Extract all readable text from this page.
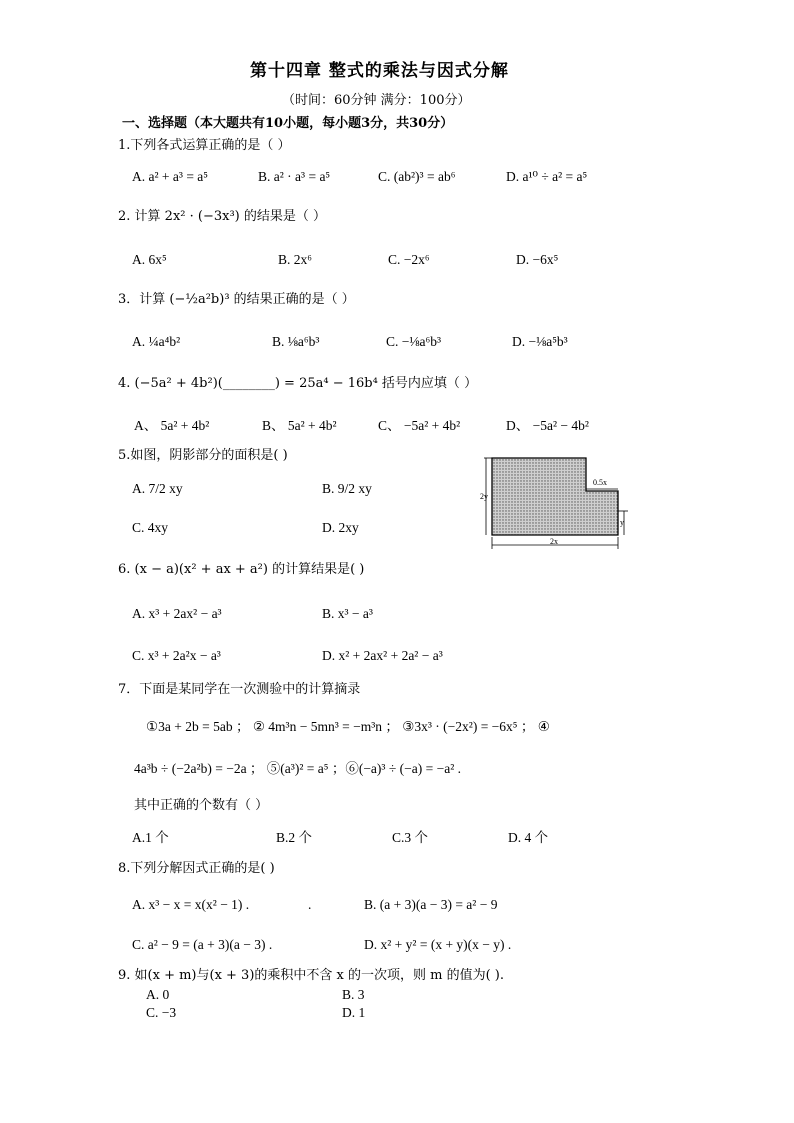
第十四章 整式的乘法与因式分解
（时间：60分钟 满分：100分）
一、选择题（本大题共有10小题，每小题3分，共30分）
1.下列各式运算正确的是（ ）
A. a² + a³ = a⁵	B. a² · a³ = a⁵	C. (ab²)³ = ab⁶	D. a¹⁰ ÷ a² = a⁵
2. 计算 2x² · (−3x³) 的结果是（ ）
A. 6x⁵	B. 2x⁶	C. −2x⁶	D. −6x⁵
3．计算 (−½a²b)³ 的结果正确的是（ ）
A. ¼a⁴b²	B. ⅛a⁶b³	C. −⅛a⁶b³	D. −⅛a⁵b³
4. (−5a² + 4b²)(________) = 25a⁴ − 16b⁴ 括号内应填（ ）
A、 5a² + 4b²	B、 5a² + 4b²	C、 −5a² + 4b²	D、 −5a² − 4b²
5.如图，阴影部分的面积是( )
A. 7/2 xy	B. 9/2 xy
C. 4xy	D. 2xy
2y
0.5x
y
2x
6. (x − a)(x² + ax + a²) 的计算结果是( )
A. x³ + 2ax² − a³	B. x³ − a³
C. x³ + 2a²x − a³	D. x² + 2ax² + 2a² − a³
7．下面是某同学在一次测验中的计算摘录
①3a + 2b = 5ab ； ② 4m³n − 5mn³ = −m³n ； ③3x³ · (−2x²) = −6x⁵ ； ④
4a³b ÷ (−2a²b) = −2a ； ⑤(a³)² = a⁵ ；⑥(−a)³ ÷ (−a) = −a² .
其中正确的个数有（ ）
A.1 个	B.2 个	C.3 个	D. 4 个
8.下列分解因式正确的是( )
A. x³ − x = x(x² − 1) .	.	B. (a + 3)(a − 3) = a² − 9
C. a² − 9 = (a + 3)(a − 3) .	D. x² + y² = (x + y)(x − y) .
9. 如(x + m)与(x + 3)的乘积中不含 x 的一次项，则 m 的值为( ).
A. 0	B. 3
C. −3	D. 1
